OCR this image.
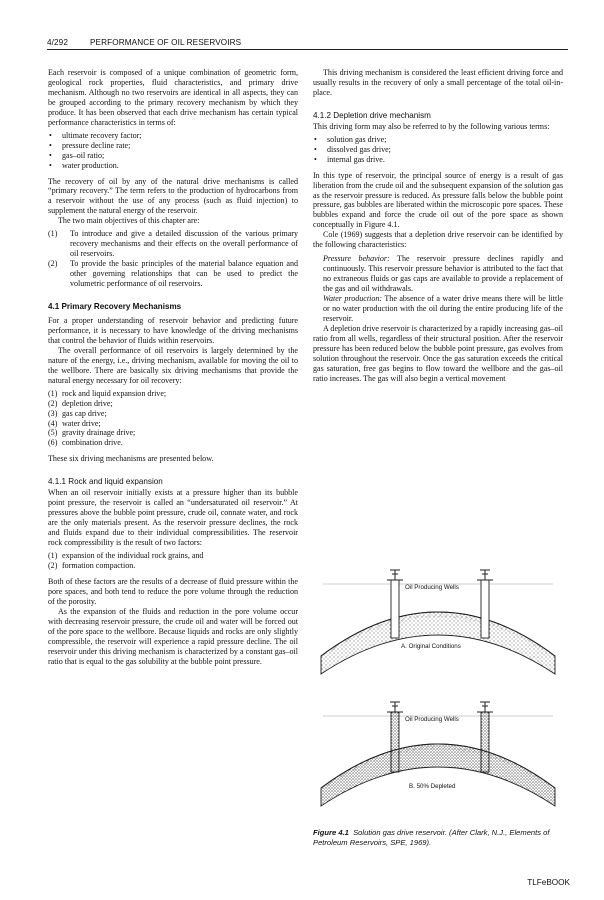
4/292	PERFORMANCE OF OIL RESERVOIRS

Each reservoir is composed of a unique combination of geometric form, geological rock properties, fluid characteristics, and primary drive mechanism. Although no two reservoirs are identical in all aspects, they can be grouped according to the primary recovery mechanism by which they produce. It has been observed that each drive mechanism has certain typical performance characteristics in terms of:

• ultimate recovery factor;
• pressure decline rate;
• gas–oil ratio;
• water production.

The recovery of oil by any of the natural drive mechanisms is called “primary recovery.” The term refers to the production of hydrocarbons from a reservoir without the use of any process (such as fluid injection) to supplement the natural energy of the reservoir.

The two main objectives of this chapter are:

(1) To introduce and give a detailed discussion of the various primary recovery mechanisms and their effects on the overall performance of oil reservoirs.
(2) To provide the basic principles of the material balance equation and other governing relationships that can be used to predict the volumetric performance of oil reservoirs.
4.1 Primary Recovery Mechanisms

For a proper understanding of reservoir behavior and predicting future performance, it is necessary to have knowledge of the driving mechanisms that control the behavior of fluids within reservoirs.

The overall performance of oil reservoirs is largely determined by the nature of the energy, i.e., driving mechanism, available for moving the oil to the wellbore. There are basically six driving mechanisms that provide the natural energy necessary for oil recovery:

(1) rock and liquid expansion drive;
(2) depletion drive;
(3) gas cap drive;
(4) water drive;
(5) gravity drainage drive;
(6) combination drive.

These six driving mechanisms are presented below.

4.1.1 Rock and liquid expansion

When an oil reservoir initially exists at a pressure higher than its bubble point pressure, the reservoir is called an “undersaturated oil reservoir.” At pressures above the bubble point pressure, crude oil, connate water, and rock are the only materials present. As the reservoir pressure declines, the rock and fluids expand due to their individual compressibilities. The reservoir rock compressibility is the result of two factors:

(1) expansion of the individual rock grains, and
(2) formation compaction.

Both of these factors are the results of a decrease of fluid pressure within the pore spaces, and both tend to reduce the pore volume through the reduction of the porosity.

As the expansion of the fluids and reduction in the pore volume occur with decreasing reservoir pressure, the crude oil and water will be forced out of the pore space to the wellbore. Because liquids and rocks are only slightly compressible, the reservoir will experience a rapid pressure decline. The oil reservoir under this driving mechanism is characterized by a constant gas–oil ratio that is equal to the gas solubility at the bubble point pressure.

This driving mechanism is considered the least efficient driving force and usually results in the recovery of only a small percentage of the total oil-in-place.

4.1.2 Depletion drive mechanism

This driving form may also be referred to by the following various terms:

• solution gas drive;
• dissolved gas drive;
• internal gas drive.

In this type of reservoir, the principal source of energy is a result of gas liberation from the crude oil and the subsequent expansion of the solution gas as the reservoir pressure is reduced. As pressure falls below the bubble point pressure, gas bubbles are liberated within the microscopic pore spaces. These bubbles expand and force the crude oil out of the pore space as shown conceptually in Figure 4.1.

Cole (1969) suggests that a depletion drive reservoir can be identified by the following characteristics:

Pressure behavior: The reservoir pressure declines rapidly and continuously. This reservoir pressure behavior is attributed to the fact that no extraneous fluids or gas caps are available to provide a replacement of the gas and oil withdrawals.

Water production: The absence of a water drive means there will be little or no water production with the oil during the entire producing life of the reservoir.

A depletion drive reservoir is characterized by a rapidly increasing gas–oil ratio from all wells, regardless of their structural position. After the reservoir pressure has been reduced below the bubble point pressure, gas evolves from solution throughout the reservoir. Once the gas saturation exceeds the critical gas saturation, free gas begins to flow toward the wellbore and the gas–oil ratio increases. The gas will also begin a vertical movement

Oil Producing Wells
A. Original Conditions
Oil Producing Wells
B. 50% Depleted
Figure 4.1 Solution gas drive reservoir. (After Clark, N.J., Elements of Petroleum Reservoirs, SPE, 1969).
TLFeBOOK
